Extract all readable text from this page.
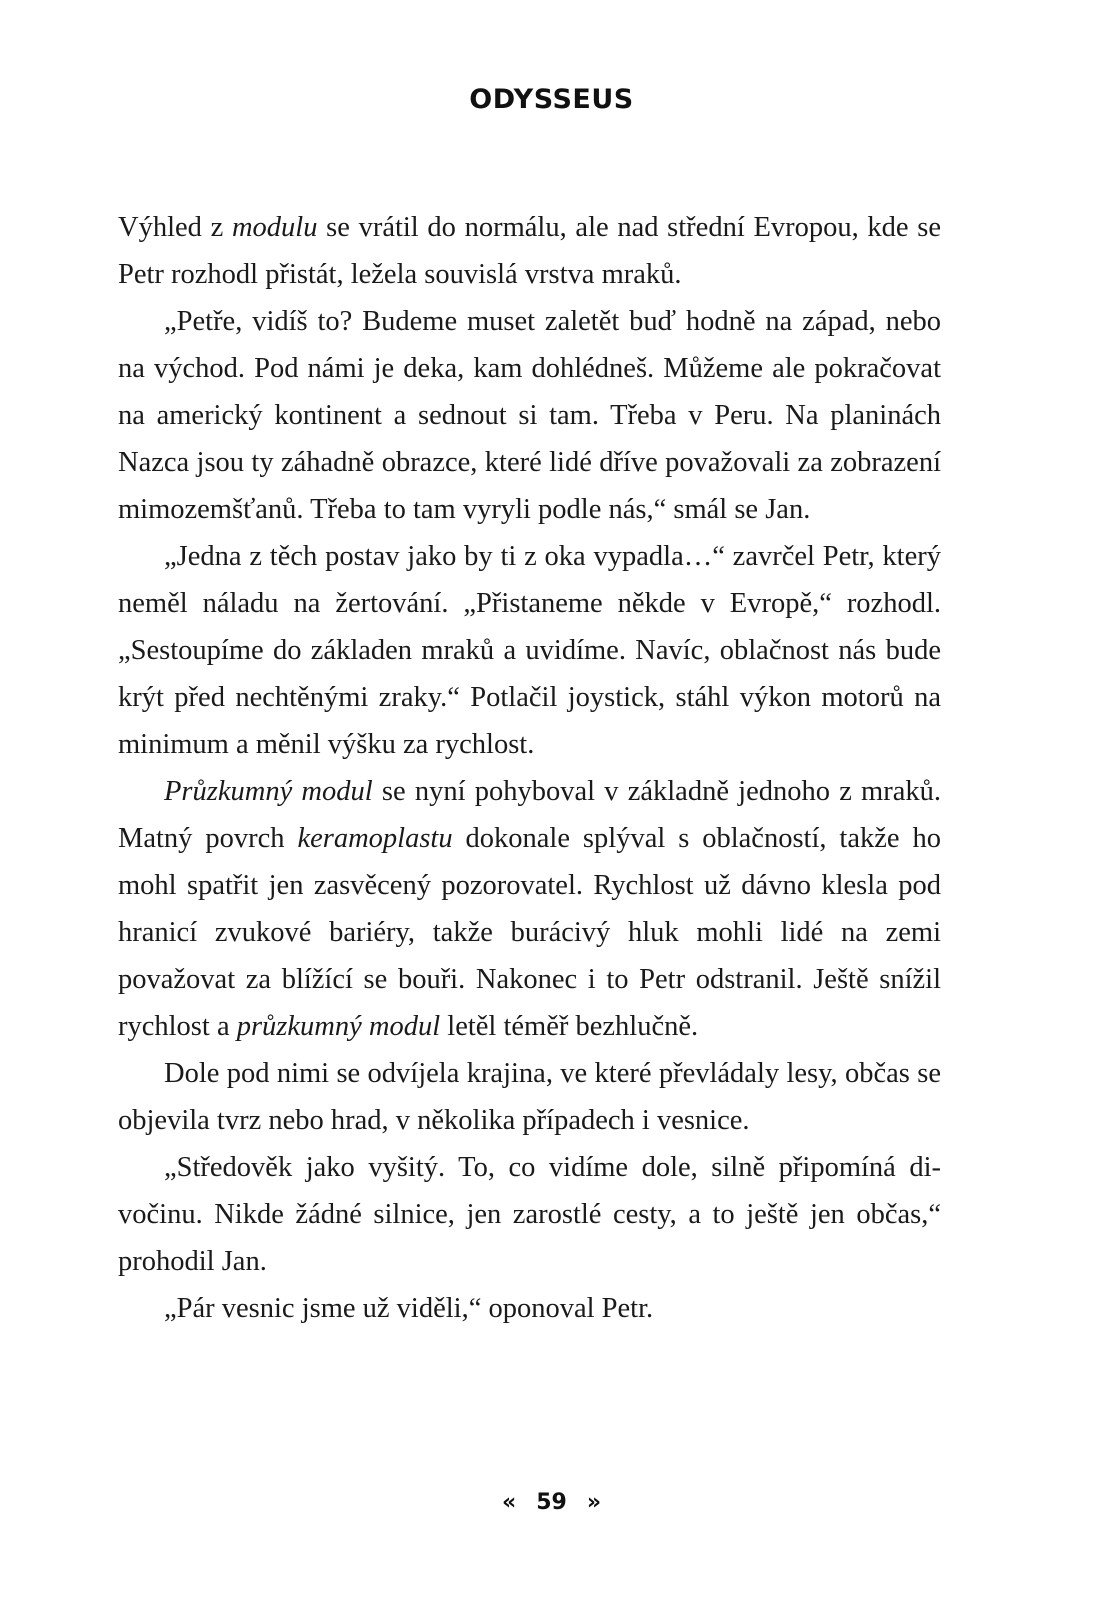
ODYSSEUS

Výhled z modulu se vrátil do normálu, ale nad střední Evropou, kde se Petr rozhodl přistát, ležela souvislá vrstva mraků.

„Petře, vidíš to? Budeme muset zaletět buď hodně na západ, nebo na východ. Pod námi je deka, kam dohlédneš. Můžeme ale pokračovat na americký kontinent a sednout si tam. Třeba v Peru. Na planinách Nazca jsou ty záhadně obrazce, které lidé dříve považovali za zobrazení mimozemšťanů. Třeba to tam vyryli podle nás,“ smál se Jan.

„Jedna z těch postav jako by ti z oka vypadla…“ zavrčel Petr, který neměl náladu na žertování. „Přistaneme někde v Evropě,“ rozhodl. „Sestoupíme do základen mraků a uvidíme. Navíc, oblačnost nás bude krýt před nechtěnými zraky.“ Potlačil joystick, stáhl výkon motorů na minimum a měnil výšku za rychlost.

Průzkumný modul se nyní pohyboval v základně jednoho z mraků. Matný povrch keramoplastu dokonale splýval s oblačností, takže ho mohl spatřit jen zasvěcený pozorovatel. Rychlost už dávno klesla pod hranicí zvukové bariéry, takže burácivý hluk mohli lidé na zemi považovat za blížící se bouři. Nakonec i to Petr odstranil. Ještě snížil rychlost a průzkumný modul letěl téměř bezhlučně.

Dole pod nimi se odvíjela krajina, ve které převládaly lesy, občas se objevila tvrz nebo hrad, v několika případech i vesnice.

„Středověk jako vyšitý. To, co vidíme dole, silně připomíná divočinu. Nikde žádné silnice, jen zarostlé cesty, a to ještě jen občas,“ prohodil Jan.

„Pár vesnic jsme už viděli,“ oponoval Petr.

« 59 »
